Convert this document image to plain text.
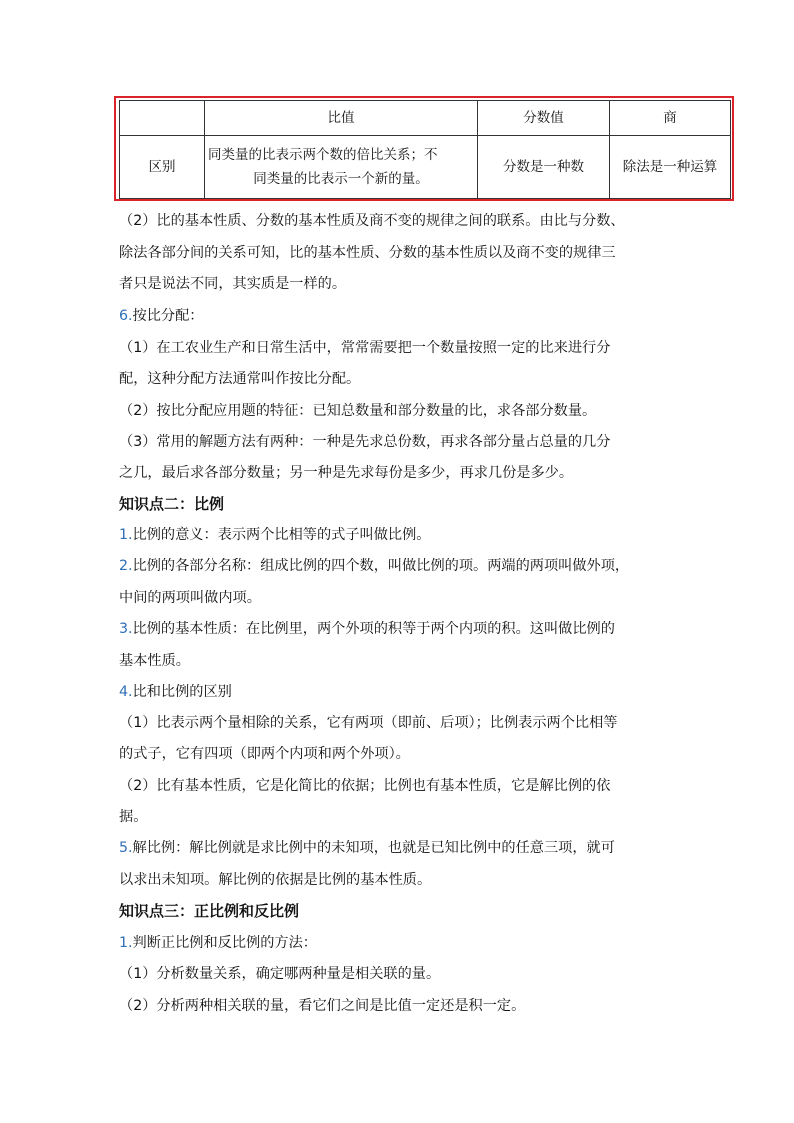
	比值	分数值	商
区别	同类量的比表示两个数的倍比关系；不
同类量的比表示一个新的量。	分数是一种数	除法是一种运算
（2）比的基本性质、分数的基本性质及商不变的规律之间的联系。由比与分数、
除法各部分间的关系可知，比的基本性质、分数的基本性质以及商不变的规律三
者只是说法不同，其实质是一样的。
6.按比分配：
（1）在工农业生产和日常生活中，常常需要把一个数量按照一定的比来进行分
配，这种分配方法通常叫作按比分配。
（2）按比分配应用题的特征：已知总数量和部分数量的比，求各部分数量。
（3）常用的解题方法有两种：一种是先求总份数，再求各部分量占总量的几分
之几，最后求各部分数量；另一种是先求每份是多少，再求几份是多少。
知识点二：比例
1.比例的意义：表示两个比相等的式子叫做比例。
2.比例的各部分名称：组成比例的四个数，叫做比例的项。两端的两项叫做外项，
中间的两项叫做内项。
3.比例的基本性质：在比例里，两个外项的积等于两个内项的积。这叫做比例的
基本性质。
4.比和比例的区别
（1）比表示两个量相除的关系，它有两项（即前、后项）；比例表示两个比相等
的式子，它有四项（即两个内项和两个外项）。
（2）比有基本性质，它是化简比的依据；比例也有基本性质，它是解比例的依
据。
5.解比例：解比例就是求比例中的未知项，也就是已知比例中的任意三项，就可
以求出未知项。解比例的依据是比例的基本性质。
知识点三：正比例和反比例
1.判断正比例和反比例的方法：
（1）分析数量关系，确定哪两种量是相关联的量。
（2）分析两种相关联的量，看它们之间是比值一定还是积一定。
